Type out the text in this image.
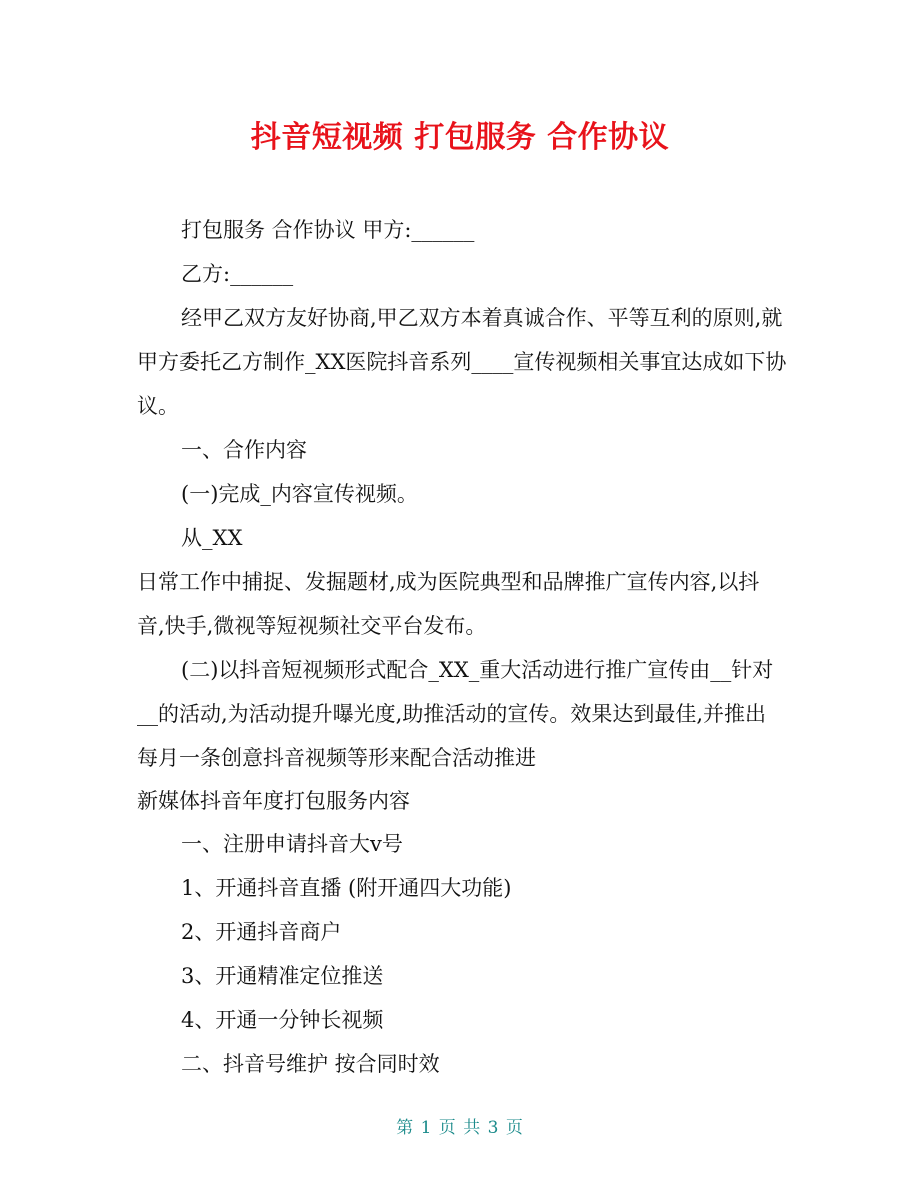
抖音短视频 打包服务 合作协议

打包服务 合作协议 甲方:______

乙方:______

经甲乙双方友好协商,甲乙双方本着真诚合作、平等互利的原则,就甲方委托乙方制作_XX医院抖音系列____宣传视频相关事宜达成如下协议。

一、合作内容

(一)完成_内容宣传视频。

从_XX

日常工作中捕捉、发掘题材,成为医院典型和品牌推广宣传内容,以抖音,快手,微视等短视频社交平台发布。

(二)以抖音短视频形式配合_XX_重大活动进行推广宣传由__针对__的活动,为活动提升曝光度,助推活动的宣传。效果达到最佳,并推出每月一条创意抖音视频等形来配合活动推进

新媒体抖音年度打包服务内容

一、注册申请抖音大v号

1、开通抖音直播 (附开通四大功能)

2、开通抖音商户

3、开通精准定位推送

4、开通一分钟长视频

二、抖音号维护 按合同时效

第 1 页 共 3 页
